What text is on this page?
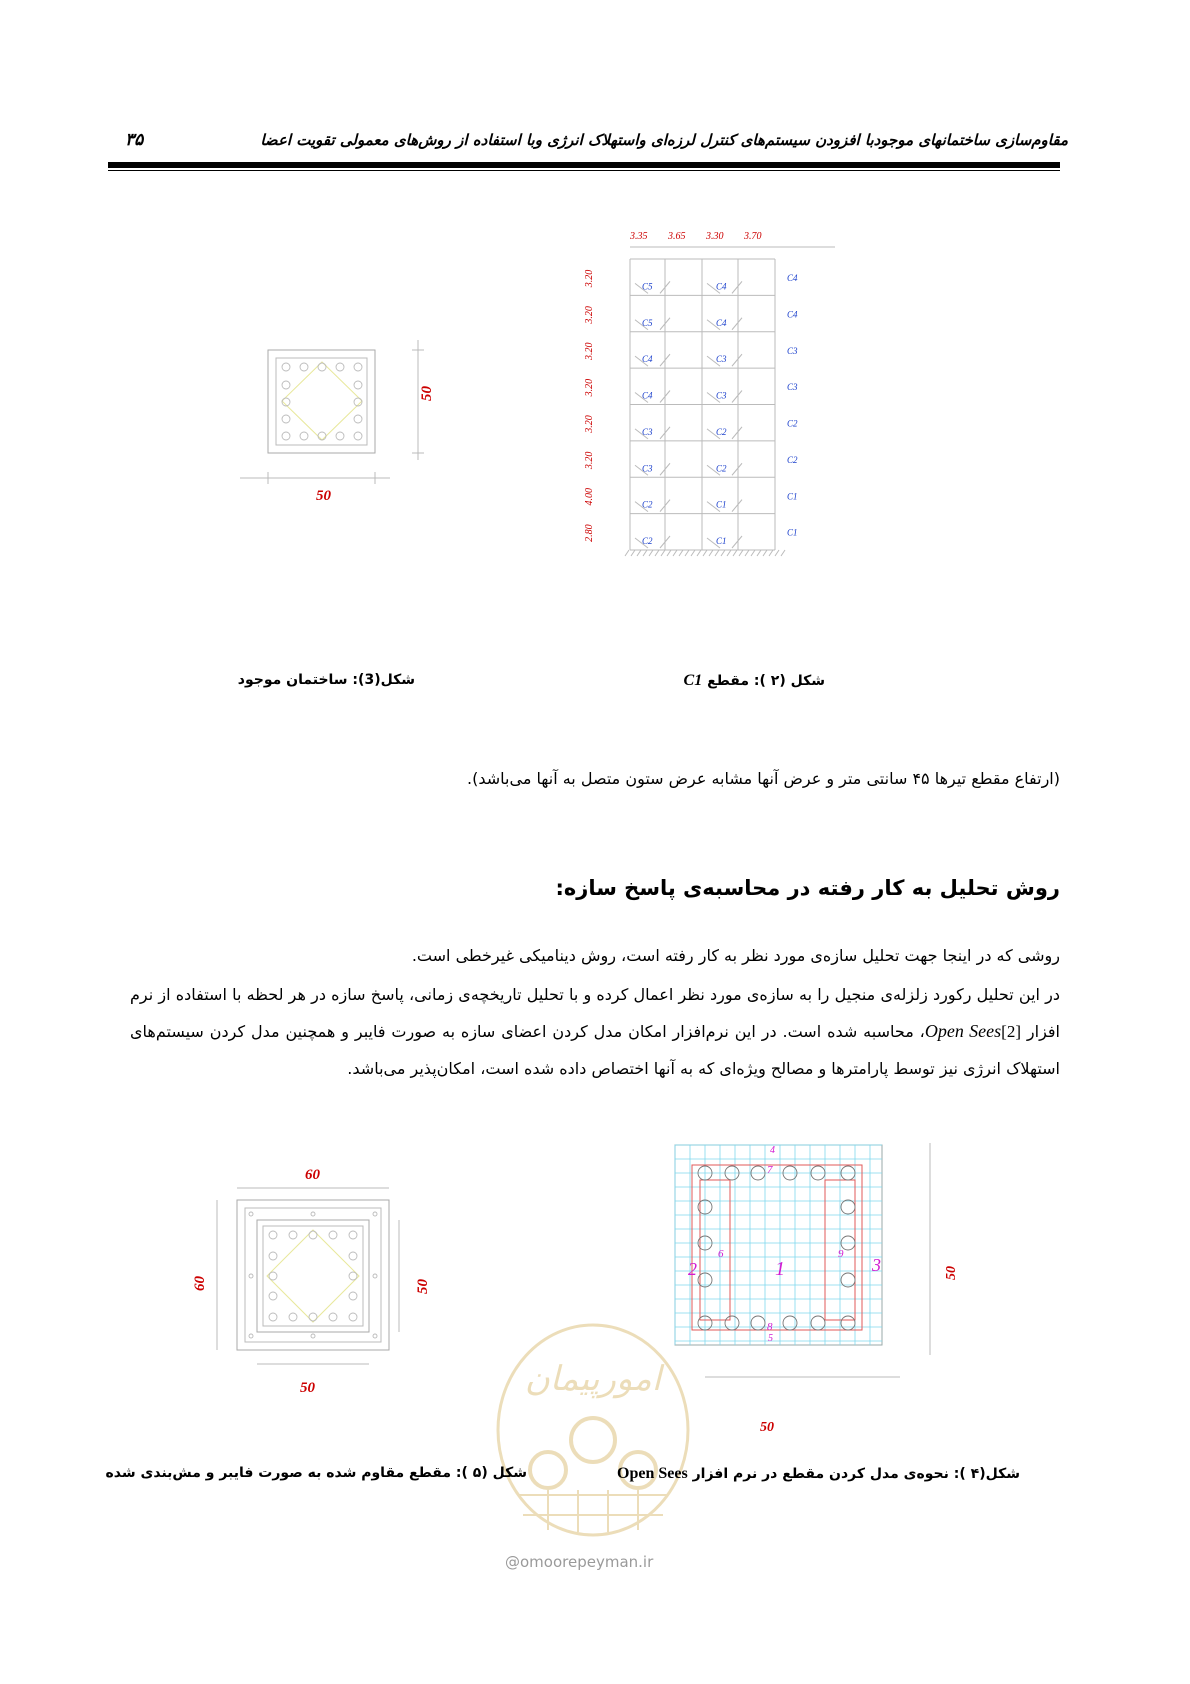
مقاوم‌سازی ساختمانهای موجودبا افزودن سیستم‌های کنترل لرزه‌ای واستهلاک انرژی وبا استفاده از روش‌های معمولی تقویت اعضا
۳۵
50
50
3.35 3.65 3.30 3.70
3.20
3.20
3.20
3.20
3.20
3.20
4.00
2.80
C5	C4
C4
C5	C4
C4
C4	C3
C3
C4	C3
C3
C3	C2
C2
C3	C2
C2
C2	C1
C1
C2	C1
C1
شکل(3): ساختمان موجود	شکل (۲ ): مقطع C1
(ارتفاع مقطع تیرها ۴۵ سانتی متر و عرض آنها مشابه عرض ستون متصل به آنها می‌باشد).
روش تحلیل به کار رفته در محاسبه‌ی پاسخ سازه:
روشی که در اینجا جهت تحلیل سازه‌ی مورد نظر به کار رفته است، روش دینامیکی غیرخطی است.
در این تحلیل رکورد زلزله‌ی منجیل را به سازه‌ی مورد نظر اعمال کرده و با تحلیل تاریخچه‌ی زمانی، پاسخ سازه در هر لحظه با استفاده از نرم افزار Open Sees[2]، محاسبه شده است. در این نرم‌افزار امکان مدل کردن اعضای سازه به صورت فایبر و همچنین مدل کردن سیستم‌های استهلاک انرژی نیز توسط پارامترها و مصالح ویژه‌ای که به آنها اختصاص داده شده است، امکان‌پذیر می‌باشد.
60
50
60	50
1
2	3
4
5
6
7
8
9
50
50
امورپیمان
@omoorepeyman.ir
شکل (۵ ): مقطع مقاوم شده به صورت فایبر و مش‌بندی شده	شکل(۴ ): نحوه‌ی مدل کردن مقطع در نرم افزار Open Sees
